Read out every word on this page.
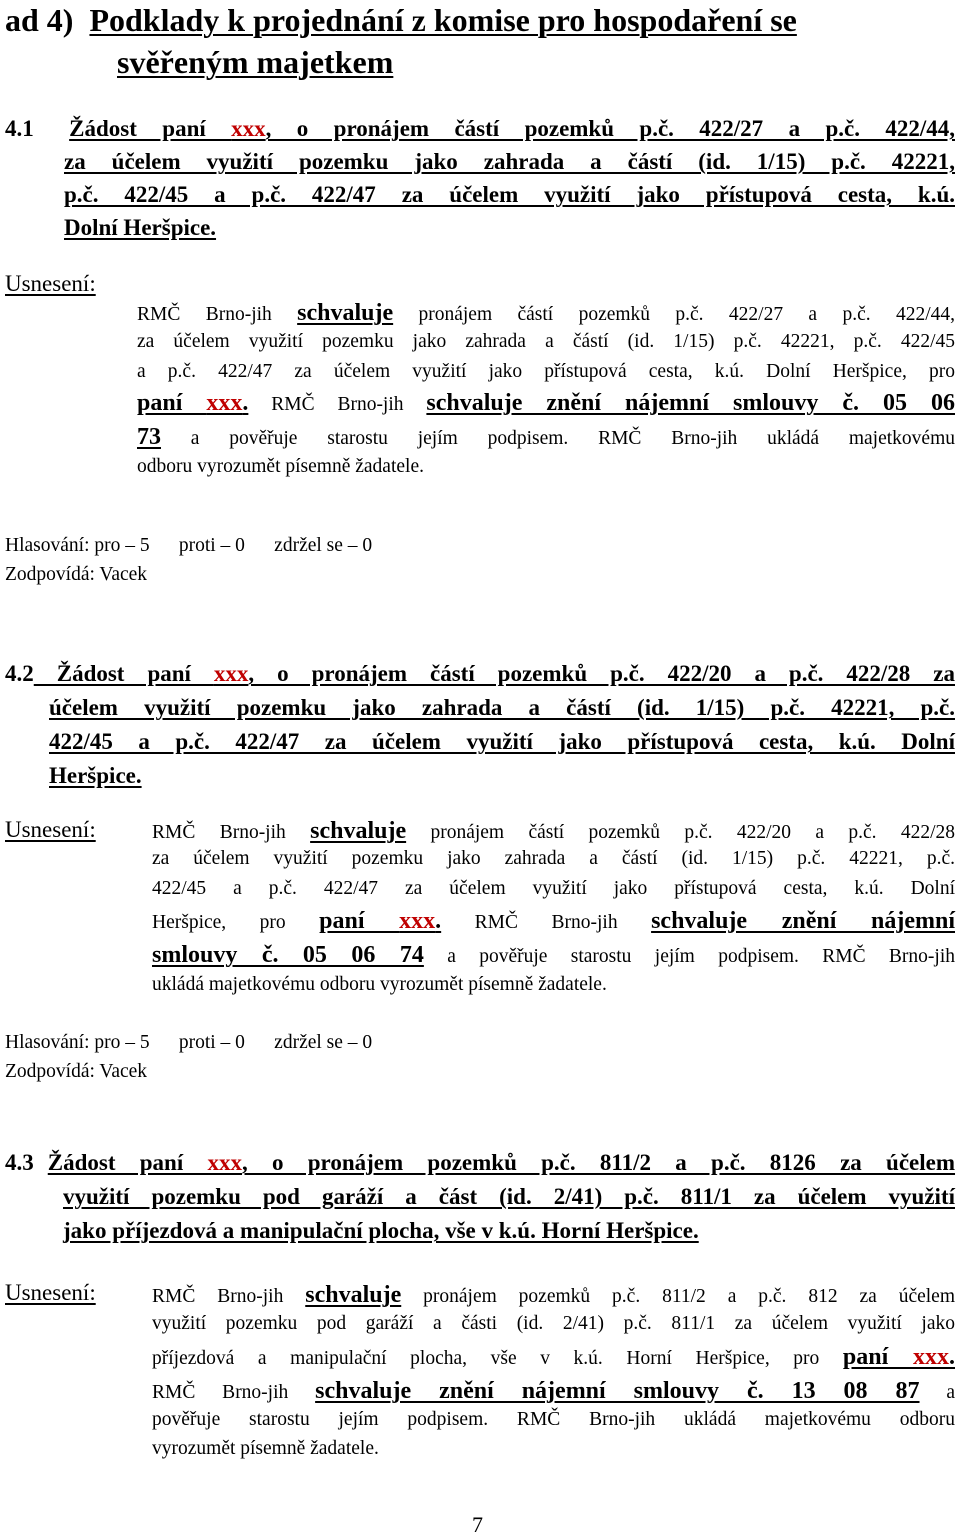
ad 4) Podklady k projednání z komise pro hospodaření se
svěřeným majetkem
4.1 Žádost paní xxx, o pronájem částí pozemků p.č. 422/27 a p.č. 422/44,
za účelem využití pozemku jako zahrada a částí (id. 1/15) p.č. 42221,
p.č. 422/45 a p.č. 422/47 za účelem využití jako přístupová cesta, k.ú.
Dolní Heršpice.
Usnesení:
RMČ Brno-jih schvaluje pronájem částí pozemků p.č. 422/27 a p.č. 422/44,
za účelem využití pozemku jako zahrada a částí (id. 1/15) p.č. 42221, p.č. 422/45
a p.č. 422/47 za účelem využití jako přístupová cesta, k.ú. Dolní Heršpice, pro
paní xxx. RMČ Brno-jih schvaluje znění nájemní smlouvy č. 05 06
73 a pověřuje starostu jejím podpisem. RMČ Brno-jih ukládá majetkovému
odboru vyrozumět písemně žadatele.
Hlasování: pro – 5      proti – 0      zdržel se – 0
Zodpovídá: Vacek
4.2 Žádost paní xxx, o pronájem částí pozemků p.č. 422/20 a p.č. 422/28 za
účelem využití pozemku jako zahrada a částí (id. 1/15) p.č. 42221, p.č.
422/45 a p.č. 422/47 za účelem využití jako přístupová cesta, k.ú. Dolní
Heršpice.
Usnesení:	RMČ Brno-jih schvaluje pronájem částí pozemků p.č. 422/20 a p.č. 422/28
za účelem využití pozemku jako zahrada a částí (id. 1/15) p.č. 42221, p.č.
422/45 a p.č. 422/47 za účelem využití jako přístupová cesta, k.ú. Dolní
Heršpice, pro paní xxx. RMČ Brno-jih schvaluje znění nájemní
smlouvy č. 05 06 74 a pověřuje starostu jejím podpisem. RMČ Brno-jih
ukládá majetkovému odboru vyrozumět písemně žadatele.
Hlasování: pro – 5      proti – 0      zdržel se – 0
Zodpovídá: Vacek
4.3 Žádost paní xxx, o pronájem pozemků p.č. 811/2 a p.č. 8126 za účelem
využití pozemku pod garáží a část (id. 2/41) p.č. 811/1 za účelem využití
jako příjezdová a manipulační plocha, vše v k.ú. Horní Heršpice.
Usnesení:	RMČ Brno-jih schvaluje pronájem pozemků p.č. 811/2 a p.č. 812 za účelem
využití pozemku pod garáží a části (id. 2/41) p.č. 811/1 za účelem využití jako
příjezdová a manipulační plocha, vše v k.ú. Horní Heršpice, pro paní xxx.
RMČ Brno-jih schvaluje znění nájemní smlouvy č. 13 08 87 a
pověřuje starostu jejím podpisem. RMČ Brno-jih ukládá majetkovému odboru
vyrozumět písemně žadatele.
7
